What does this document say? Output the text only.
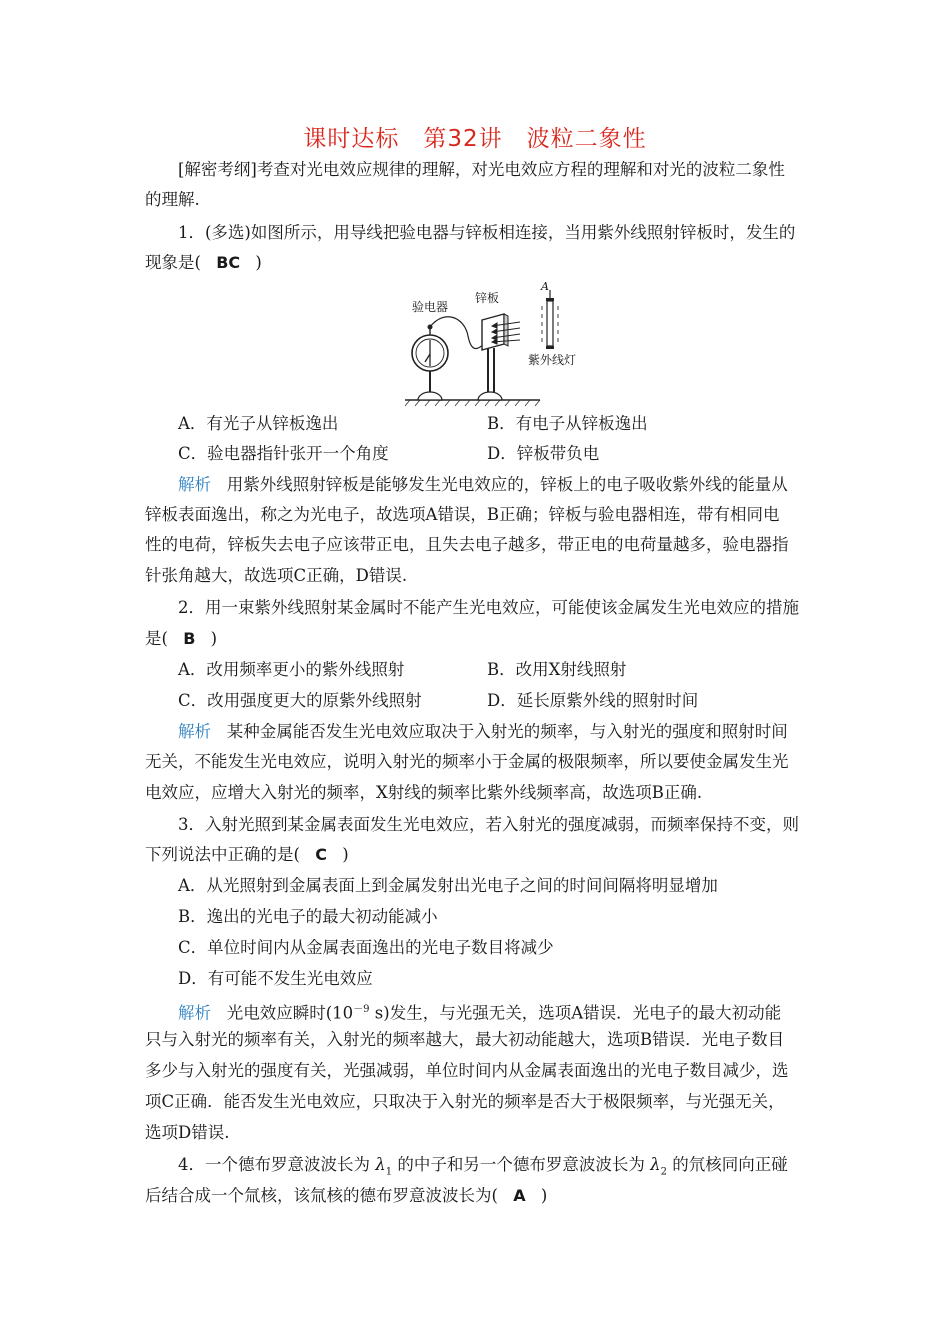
课时达标 第32讲 波粒二象性
[解密考纲]考查对光电效应规律的理解，对光电效应方程的理解和对光的波粒二象性
的理解.
1．(多选)如图所示，用导线把验电器与锌板相连接，当用紫外线照射锌板时，发生的
现象是( BC )
验电器
锌板
A
紫外线灯
A．有光子从锌板逸出	B．有电子从锌板逸出
C．验电器指针张开一个角度	D．锌板带负电
解析 用紫外线照射锌板是能够发生光电效应的，锌板上的电子吸收紫外线的能量从
锌板表面逸出，称之为光电子，故选项A错误，B正确；锌板与验电器相连，带有相同电
性的电荷，锌板失去电子应该带正电，且失去电子越多，带正电的电荷量越多，验电器指
针张角越大，故选项C正确，D错误.
2．用一束紫外线照射某金属时不能产生光电效应，可能使该金属发生光电效应的措施
是( B )
A．改用频率更小的紫外线照射	B．改用X射线照射
C．改用强度更大的原紫外线照射	D．延长原紫外线的照射时间
解析 某种金属能否发生光电效应取决于入射光的频率，与入射光的强度和照射时间
无关，不能发生光电效应，说明入射光的频率小于金属的极限频率，所以要使金属发生光
电效应，应增大入射光的频率，X射线的频率比紫外线频率高，故选项B正确.
3．入射光照到某金属表面发生光电效应，若入射光的强度减弱，而频率保持不变，则
下列说法中正确的是( C )
A．从光照射到金属表面上到金属发射出光电子之间的时间间隔将明显增加
B．逸出的光电子的最大初动能减小
C．单位时间内从金属表面逸出的光电子数目将减少
D．有可能不发生光电效应
解析 光电效应瞬时($10^{-9}$ s)发生，与光强无关，选项A错误．光电子的最大初动能
只与入射光的频率有关，入射光的频率越大，最大初动能越大，选项B错误．光电子数目
多少与入射光的强度有关，光强减弱，单位时间内从金属表面逸出的光电子数目减少，选
项C正确．能否发生光电效应，只取决于入射光的频率是否大于极限频率，与光强无关，
选项D错误.
4．一个德布罗意波波长为 $\lambda_1$ 的中子和另一个德布罗意波波长为 $\lambda_2$ 的氘核同向正碰
后结合成一个氚核，该氚核的德布罗意波波长为( A )
